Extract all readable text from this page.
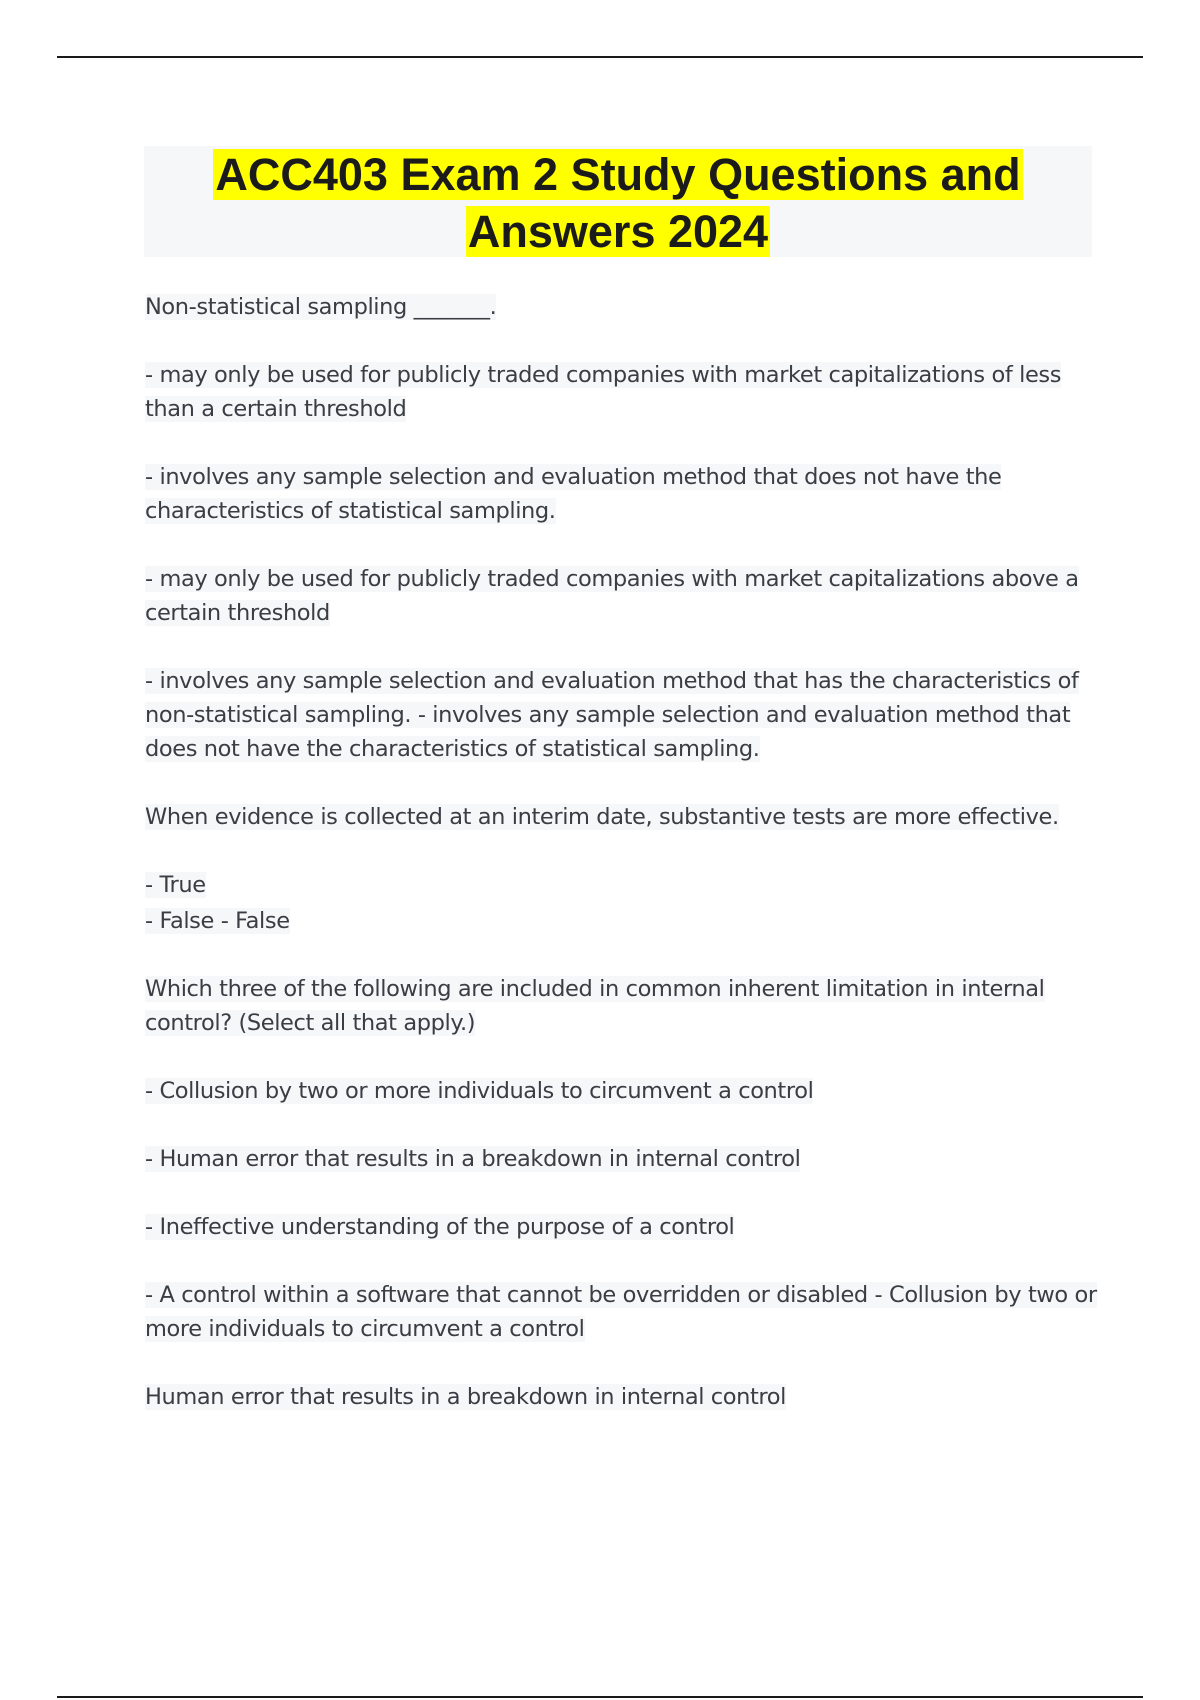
ACC403 Exam 2 Study Questions and
Answers 2024

Non-statistical sampling _______.

- may only be used for publicly traded companies with market capitalizations of less than a certain threshold

- involves any sample selection and evaluation method that does not have the characteristics of statistical sampling.

- may only be used for publicly traded companies with market capitalizations above a certain threshold

- involves any sample selection and evaluation method that has the characteristics of non-statistical sampling. - involves any sample selection and evaluation method that does not have the characteristics of statistical sampling.

When evidence is collected at an interim date, substantive tests are more effective.

- True

- False - False

Which three of the following are included in common inherent limitation in internal control? (Select all that apply.)

- Collusion by two or more individuals to circumvent a control

- Human error that results in a breakdown in internal control

- Ineffective understanding of the purpose of a control

- A control within a software that cannot be overridden or disabled - Collusion by two or more individuals to circumvent a control

Human error that results in a breakdown in internal control
